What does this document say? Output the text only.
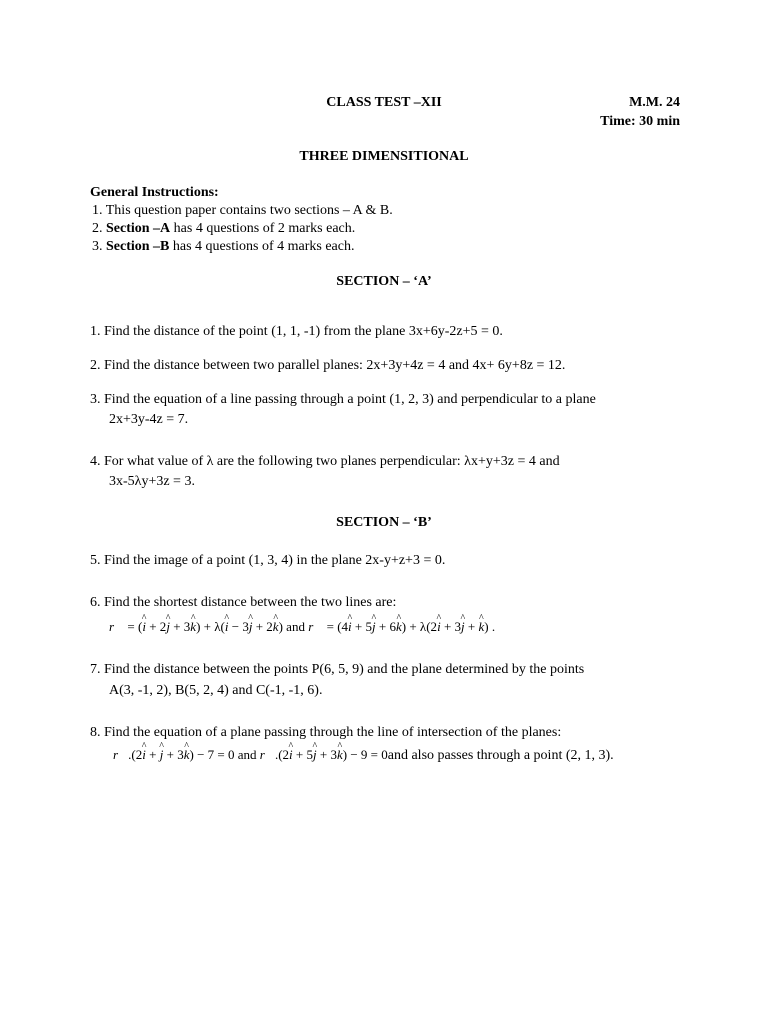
CLASS TEST –XII	M.M. 24
Time: 30 min
THREE DIMENSITIONAL
General Instructions:
1. This question paper contains two sections – A & B.
2. Section –A has 4 questions of 2 marks each.
3. Section –B has 4 questions of 4 marks each.
SECTION – ‘A’
1. Find the distance of the point (1, 1, -1) from the plane 3x+6y-2z+5 = 0.
2. Find the distance between two parallel planes: 2x+3y+4z = 4 and 4x+ 6y+8z = 12.
3. Find the equation of a line passing through a point (1, 2, 3) and perpendicular to a plane
2x+3y-4z = 7.
4. For what value of λ are the following two planes perpendicular: λx+y+3z = 4 and
3x-5λy+3z = 3.
SECTION – ‘B’
5. Find the image of a point (1, 3, 4) in the plane 2x-y+z+3 = 0.
6. Find the shortest distance between the two lines are:
r⃗ = (i ^ + 2j ^ + 3k ^) + λ(i ^ − 3j ^ + 2k ^) and r⃗ = (4i ^ + 5j ^ + 6k ^) + λ(2i ^ + 3j ^ + k ^) .
7. Find the distance between the points P(6, 5, 9) and the plane determined by the points
A(3, -1, 2), B(5, 2, 4) and C(-1, -1, 6).
8. Find the equation of a plane passing through the line of intersection of the planes:
r⃗.(2i ^ + j ^ + 3k ^) − 7 = 0 and r⃗.(2i ^ + 5j ^ + 3k ^) − 9 = 0and also passes through a point (2, 1, 3).
